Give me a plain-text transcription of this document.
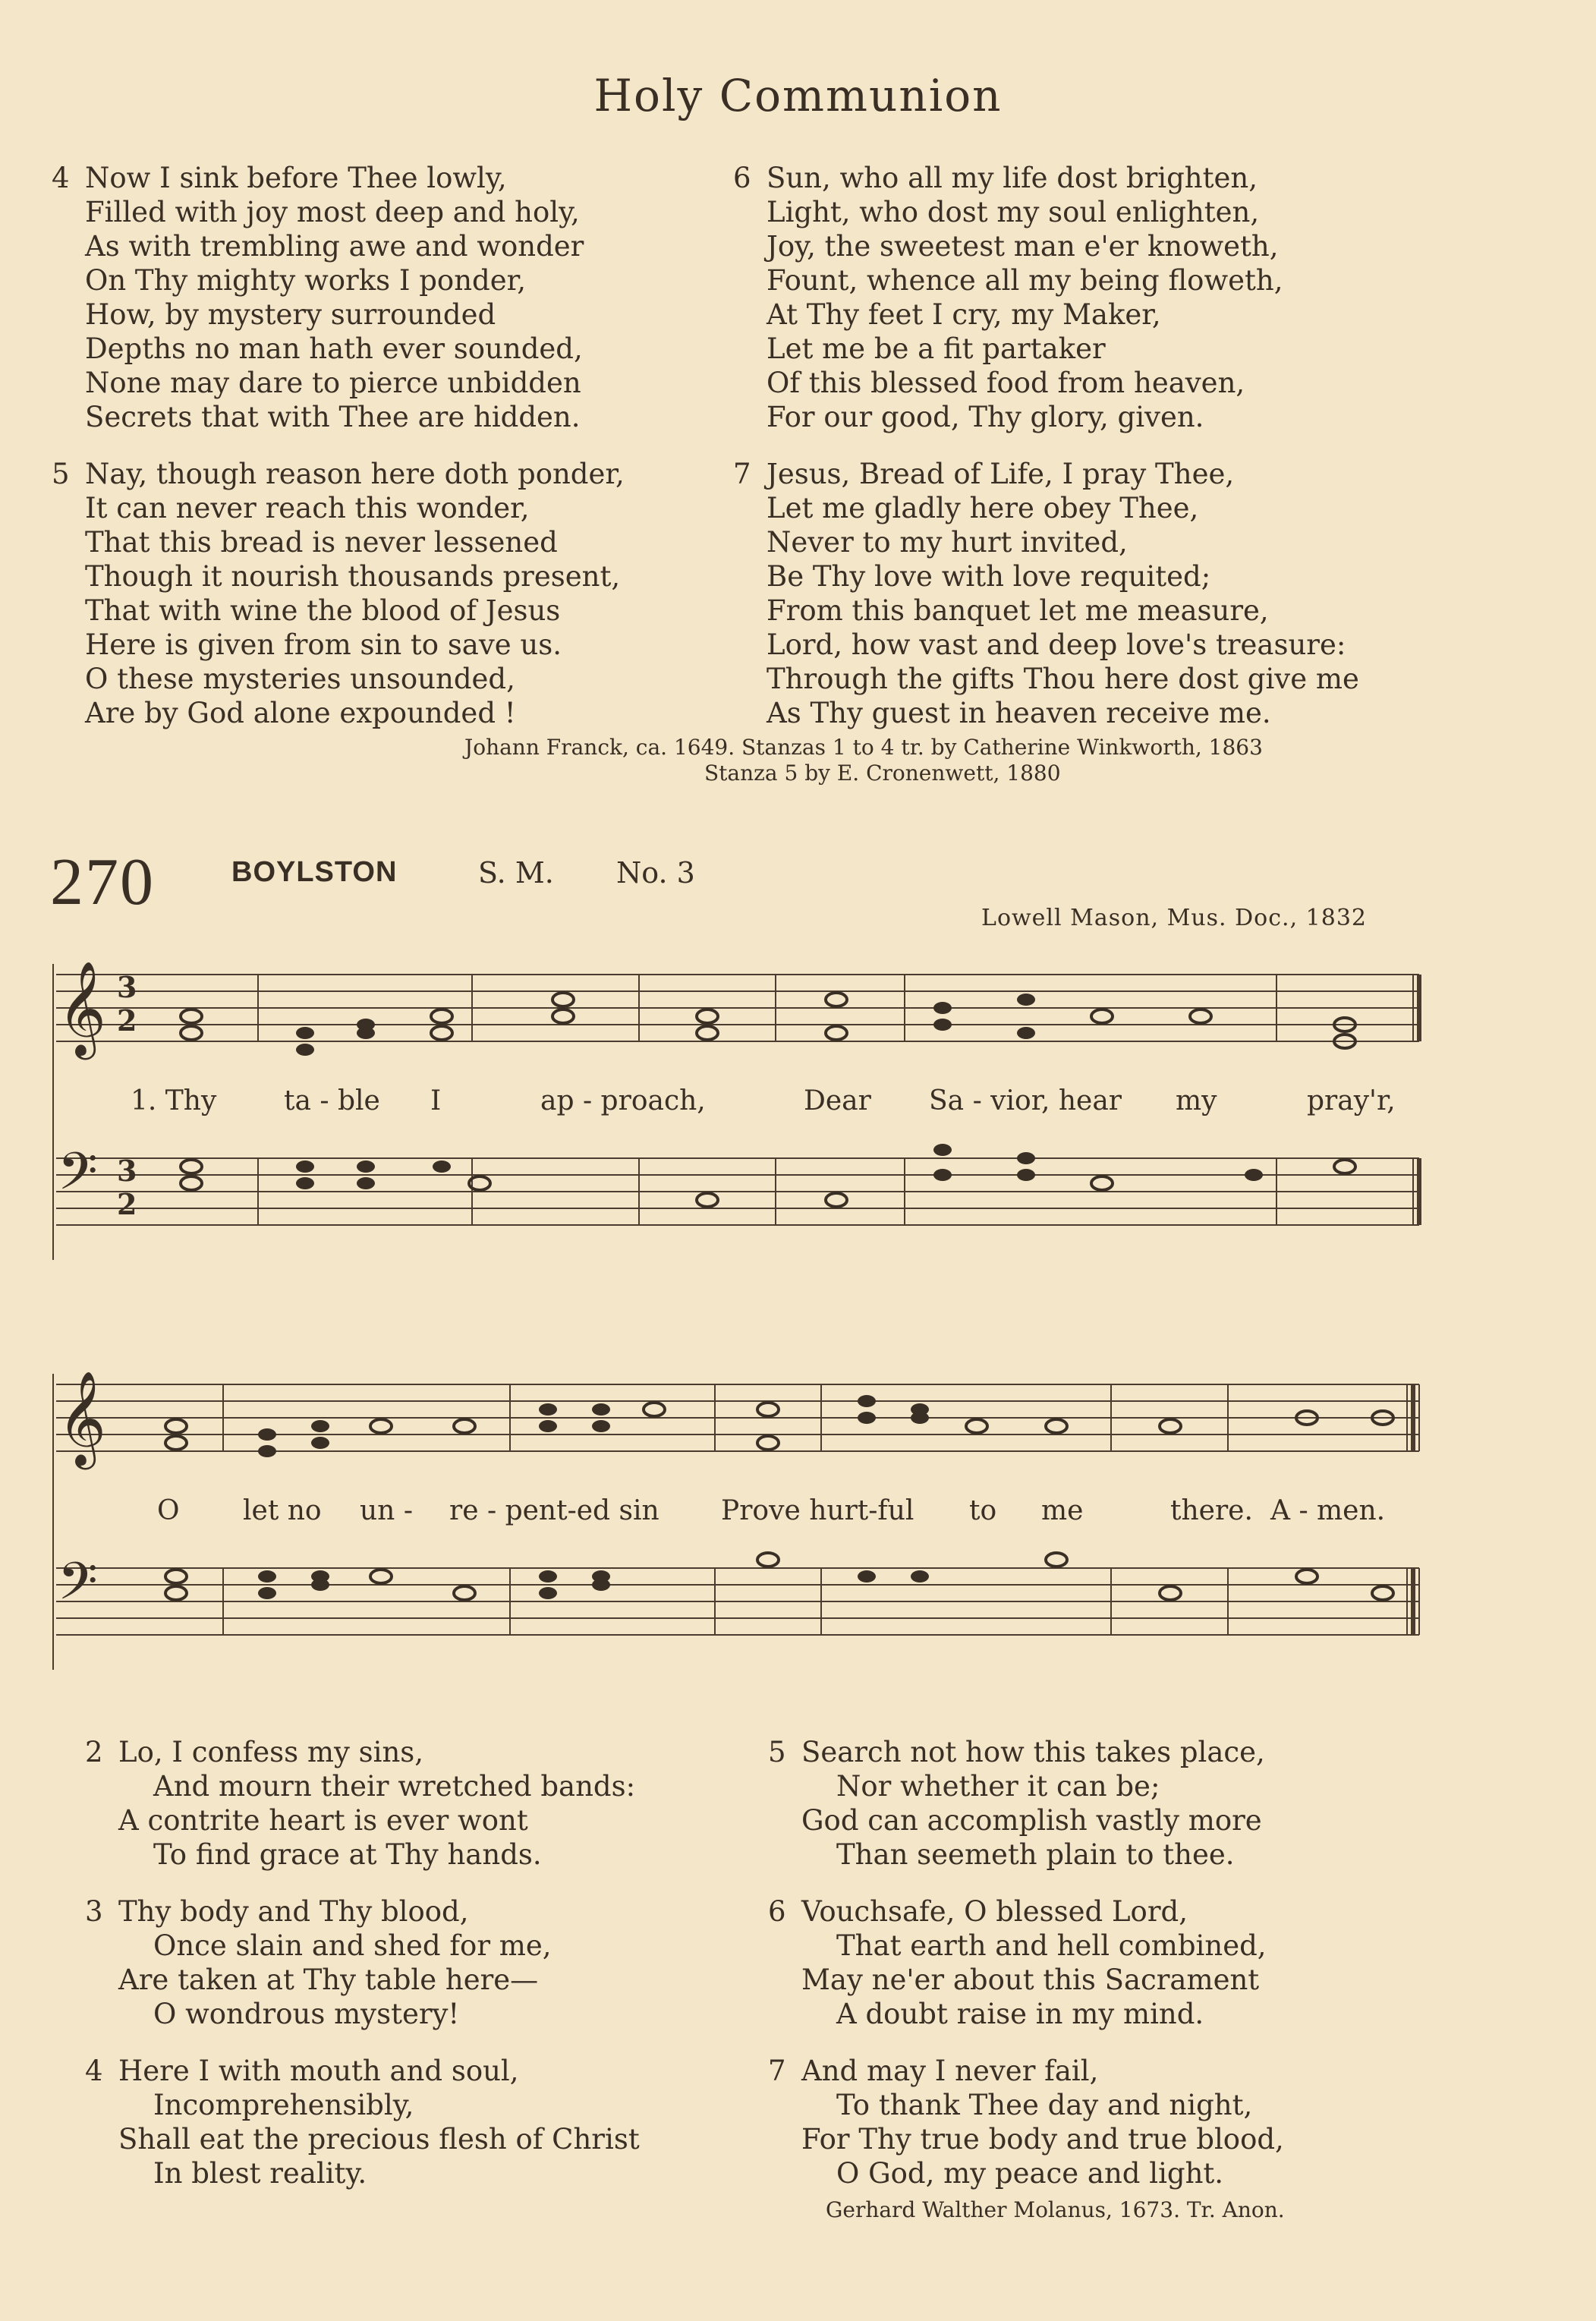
Holy Communion
4 Now I sink before Thee lowly,
Filled with joy most deep and holy,
As with trembling awe and wonder
On Thy mighty works I ponder,
How, by mystery surrounded
Depths no man hath ever sounded,
None may dare to pierce unbidden
Secrets that with Thee are hidden.
5 Nay, though reason here doth ponder,
It can never reach this wonder,
That this bread is never lessened
Though it nourish thousands present,
That with wine the blood of Jesus
Here is given from sin to save us.
O these mysteries unsounded,
Are by God alone expounded !
6 Sun, who all my life dost brighten,
Light, who dost my soul enlighten,
Joy, the sweetest man e'er knoweth,
Fount, whence all my being floweth,
At Thy feet I cry, my Maker,
Let me be a fit partaker
Of this blessed food from heaven,
For our good, Thy glory, given.
7 Jesus, Bread of Life, I pray Thee,
Let me gladly here obey Thee,
Never to my hurt invited,
Be Thy love with love requited;
From this banquet let me measure,
Lord, how vast and deep love's treasure:
Through the gifts Thou here dost give me
As Thy guest in heaven receive me.
Johann Franck, ca. 1649. Stanzas 1 to 4 tr. by Catherine Winkworth, 1863
Stanza 5 by E. Cronenwett, 1880
270	BOYLSTON	S. M. No. 3
Lowell Mason, Mus. Doc., 1832
𝄞
𝄢
3
2
3
2
1. Thy ta - ble I	ap - proach,	Dear Sa - vior, hear my	pray'r,
𝄞
𝄢
O let no un - re - pent-ed sin Prove hurt-ful to me	there. A - men.
2 Lo, I confess my sins,
And mourn their wretched bands:
A contrite heart is ever wont
To find grace at Thy hands.
3 Thy body and Thy blood,
Once slain and shed for me,
Are taken at Thy table here—
O wondrous mystery!
4 Here I with mouth and soul,
Incomprehensibly,
Shall eat the precious flesh of Christ
In blest reality.
5 Search not how this takes place,
Nor whether it can be;
God can accomplish vastly more
Than seemeth plain to thee.
6 Vouchsafe, O blessed Lord,
That earth and hell combined,
May ne'er about this Sacrament
A doubt raise in my mind.
7 And may I never fail,
To thank Thee day and night,
For Thy true body and true blood,
O God, my peace and light.
Gerhard Walther Molanus, 1673. Tr. Anon.
